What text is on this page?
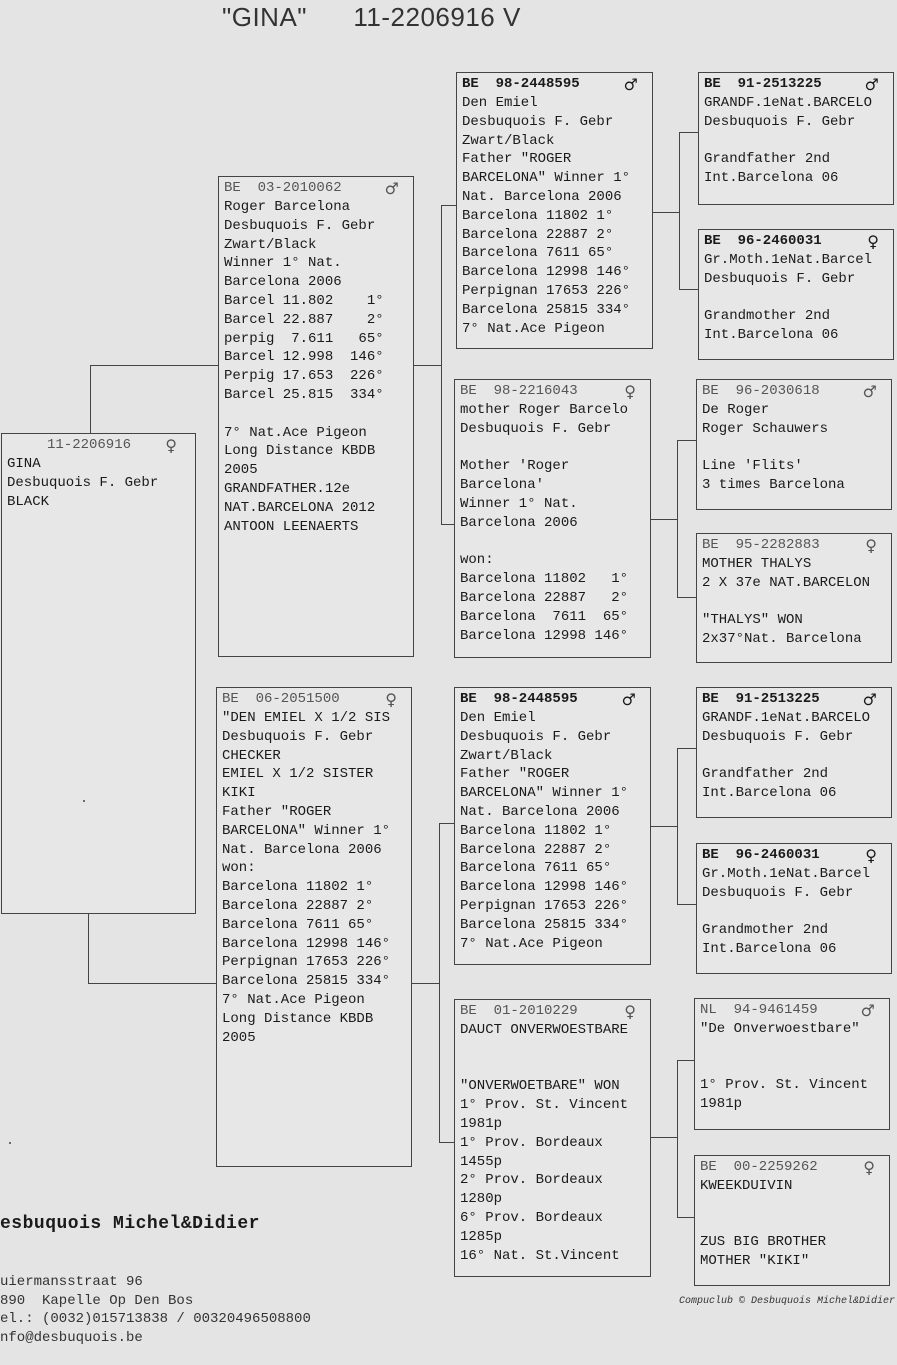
"GINA" 11-2206916 V
11-2206916 ♀
GINA
Desbuquois F. Gebr
BLACK
BE  03-2010062	♂
Roger Barcelona
Desbuquois F. Gebr
Zwart/Black
Winner 1° Nat.
Barcelona 2006
Barcel 11.802    1°
Barcel 22.887    2°
perpig  7.611   65°
Barcel 12.998  146°
Perpig 17.653  226°
Barcel 25.815  334°
7° Nat.Ace Pigeon
Long Distance KBDB
2005
GRANDFATHER.12e
NAT.BARCELONA 2012
ANTOON LEENAERTS
BE  06-2051500	♀
"DEN EMIEL X 1/2 SIS
Desbuquois F. Gebr
CHECKER
EMIEL X 1/2 SISTER
KIKI
Father "ROGER
BARCELONA" Winner 1°
Nat. Barcelona 2006
won:
Barcelona 11802 1°
Barcelona 22887 2°
Barcelona 7611 65°
Barcelona 12998 146°
Perpignan 17653 226°
Barcelona 25815 334°
7° Nat.Ace Pigeon
Long Distance KBDB
2005
BE  98-2448595	♂
Den Emiel
Desbuquois F. Gebr
Zwart/Black
Father "ROGER
BARCELONA" Winner 1°
Nat. Barcelona 2006
Barcelona 11802 1°
Barcelona 22887 2°
Barcelona 7611 65°
Barcelona 12998 146°
Perpignan 17653 226°
Barcelona 25815 334°
7° Nat.Ace Pigeon
BE  98-2216043	♀
mother Roger Barcelo
Desbuquois F. Gebr
Mother 'Roger
Barcelona'
Winner 1° Nat.
Barcelona 2006
won:
Barcelona 11802   1°
Barcelona 22887   2°
Barcelona  7611  65°
Barcelona 12998 146°
BE  98-2448595	♂
Den Emiel
Desbuquois F. Gebr
Zwart/Black
Father "ROGER
BARCELONA" Winner 1°
Nat. Barcelona 2006
Barcelona 11802 1°
Barcelona 22887 2°
Barcelona 7611 65°
Barcelona 12998 146°
Perpignan 17653 226°
Barcelona 25815 334°
7° Nat.Ace Pigeon
BE  01-2010229	♀
DAUCT ONVERWOESTBARE
"ONVERWOETBARE" WON
1° Prov. St. Vincent
1981p
1° Prov. Bordeaux
1455p
2° Prov. Bordeaux
1280p
6° Prov. Bordeaux
1285p
16° Nat. St.Vincent
BE  91-2513225	♂
GRANDF.1eNat.BARCELO
Desbuquois F. Gebr
Grandfather 2nd
Int.Barcelona 06
BE  96-2460031	♀
Gr.Moth.1eNat.Barcel
Desbuquois F. Gebr
Grandmother 2nd
Int.Barcelona 06
BE  96-2030618	♂
De Roger
Roger Schauwers
Line 'Flits'
3 times Barcelona
BE  95-2282883	♀
MOTHER THALYS
2 X 37e NAT.BARCELON
"THALYS" WON
2x37°Nat. Barcelona
BE  91-2513225	♂
GRANDF.1eNat.BARCELO
Desbuquois F. Gebr
Grandfather 2nd
Int.Barcelona 06
BE  96-2460031	♀
Gr.Moth.1eNat.Barcel
Desbuquois F. Gebr
Grandmother 2nd
Int.Barcelona 06
NL  94-9461459	♂
"De Onverwoestbare"
1° Prov. St. Vincent
1981p
BE  00-2259262	♀
KWEEKDUIVIN
ZUS BIG BROTHER
MOTHER "KIKI"

esbuquois Michel&Didier

uiermansstraat 96
890  Kapelle Op Den Bos
el.: (0032)015713838 / 00320496508800
nfo@desbuquois.be

Compuclub © Desbuquois Michel&Didier
